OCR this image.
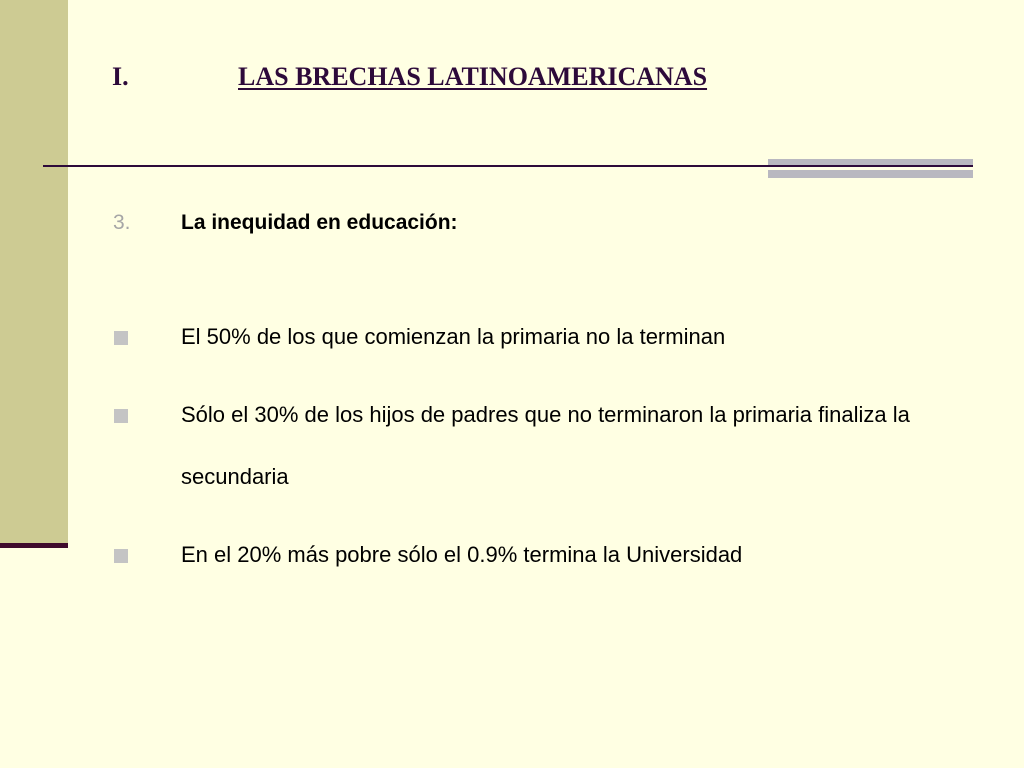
I.	LAS BRECHAS LATINOAMERICANAS
3. La inequidad en educación:
El 50% de los que comienzan la primaria no la terminan
Sólo el 30% de los hijos de padres que no terminaron la primaria finaliza la secundaria
En el 20% más pobre sólo el 0.9% termina la Universidad
